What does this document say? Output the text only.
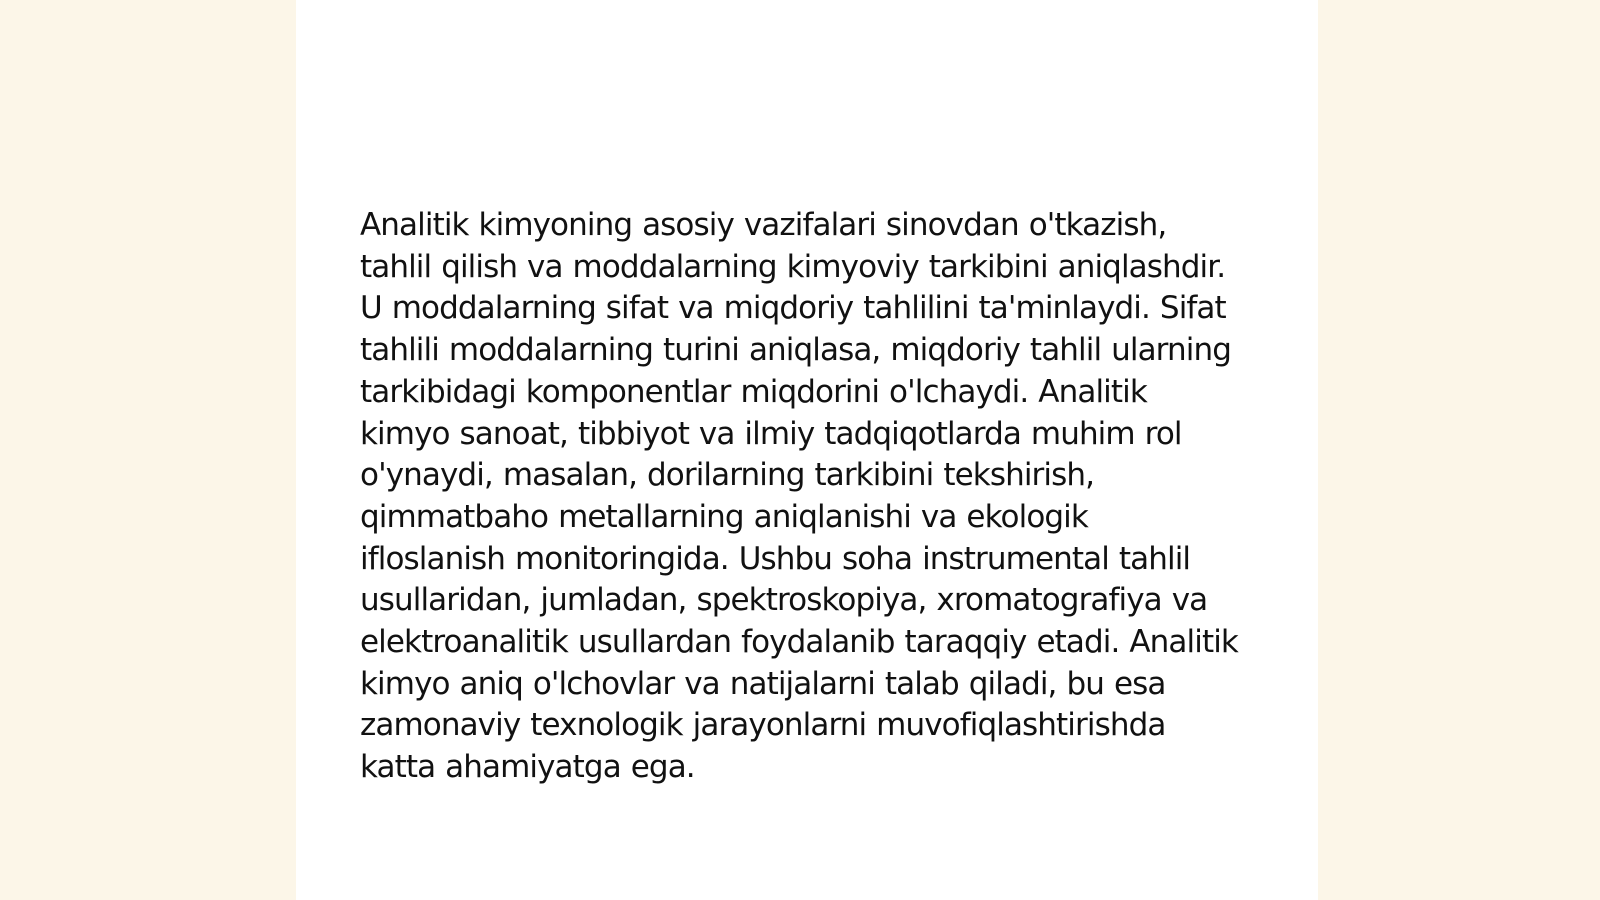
Analitik kimyoning asosiy vazifalari sinovdan o'tkazish, tahlil qilish va moddalarning kimyoviy tarkibini aniqlashdir. U moddalarning sifat va miqdoriy tahlilini ta'minlaydi. Sifat tahlili moddalarning turini aniqlasa, miqdoriy tahlil ularning tarkibidagi komponentlar miqdorini o'lchaydi. Analitik kimyo sanoat, tibbiyot va ilmiy tadqiqotlarda muhim rol o'ynaydi, masalan, dorilarning tarkibini tekshirish, qimmatbaho metallarning aniqlanishi va ekologik ifloslanish monitoringida. Ushbu soha instrumental tahlil usullaridan, jumladan, spektroskopiya, xromatografiya va elektroanalitik usullardan foydalanib taraqqiy etadi. Analitik kimyo aniq o'lchovlar va natijalarni talab qiladi, bu esa zamonaviy texnologik jarayonlarni muvofiqlashtirishda katta ahamiyatga ega.
